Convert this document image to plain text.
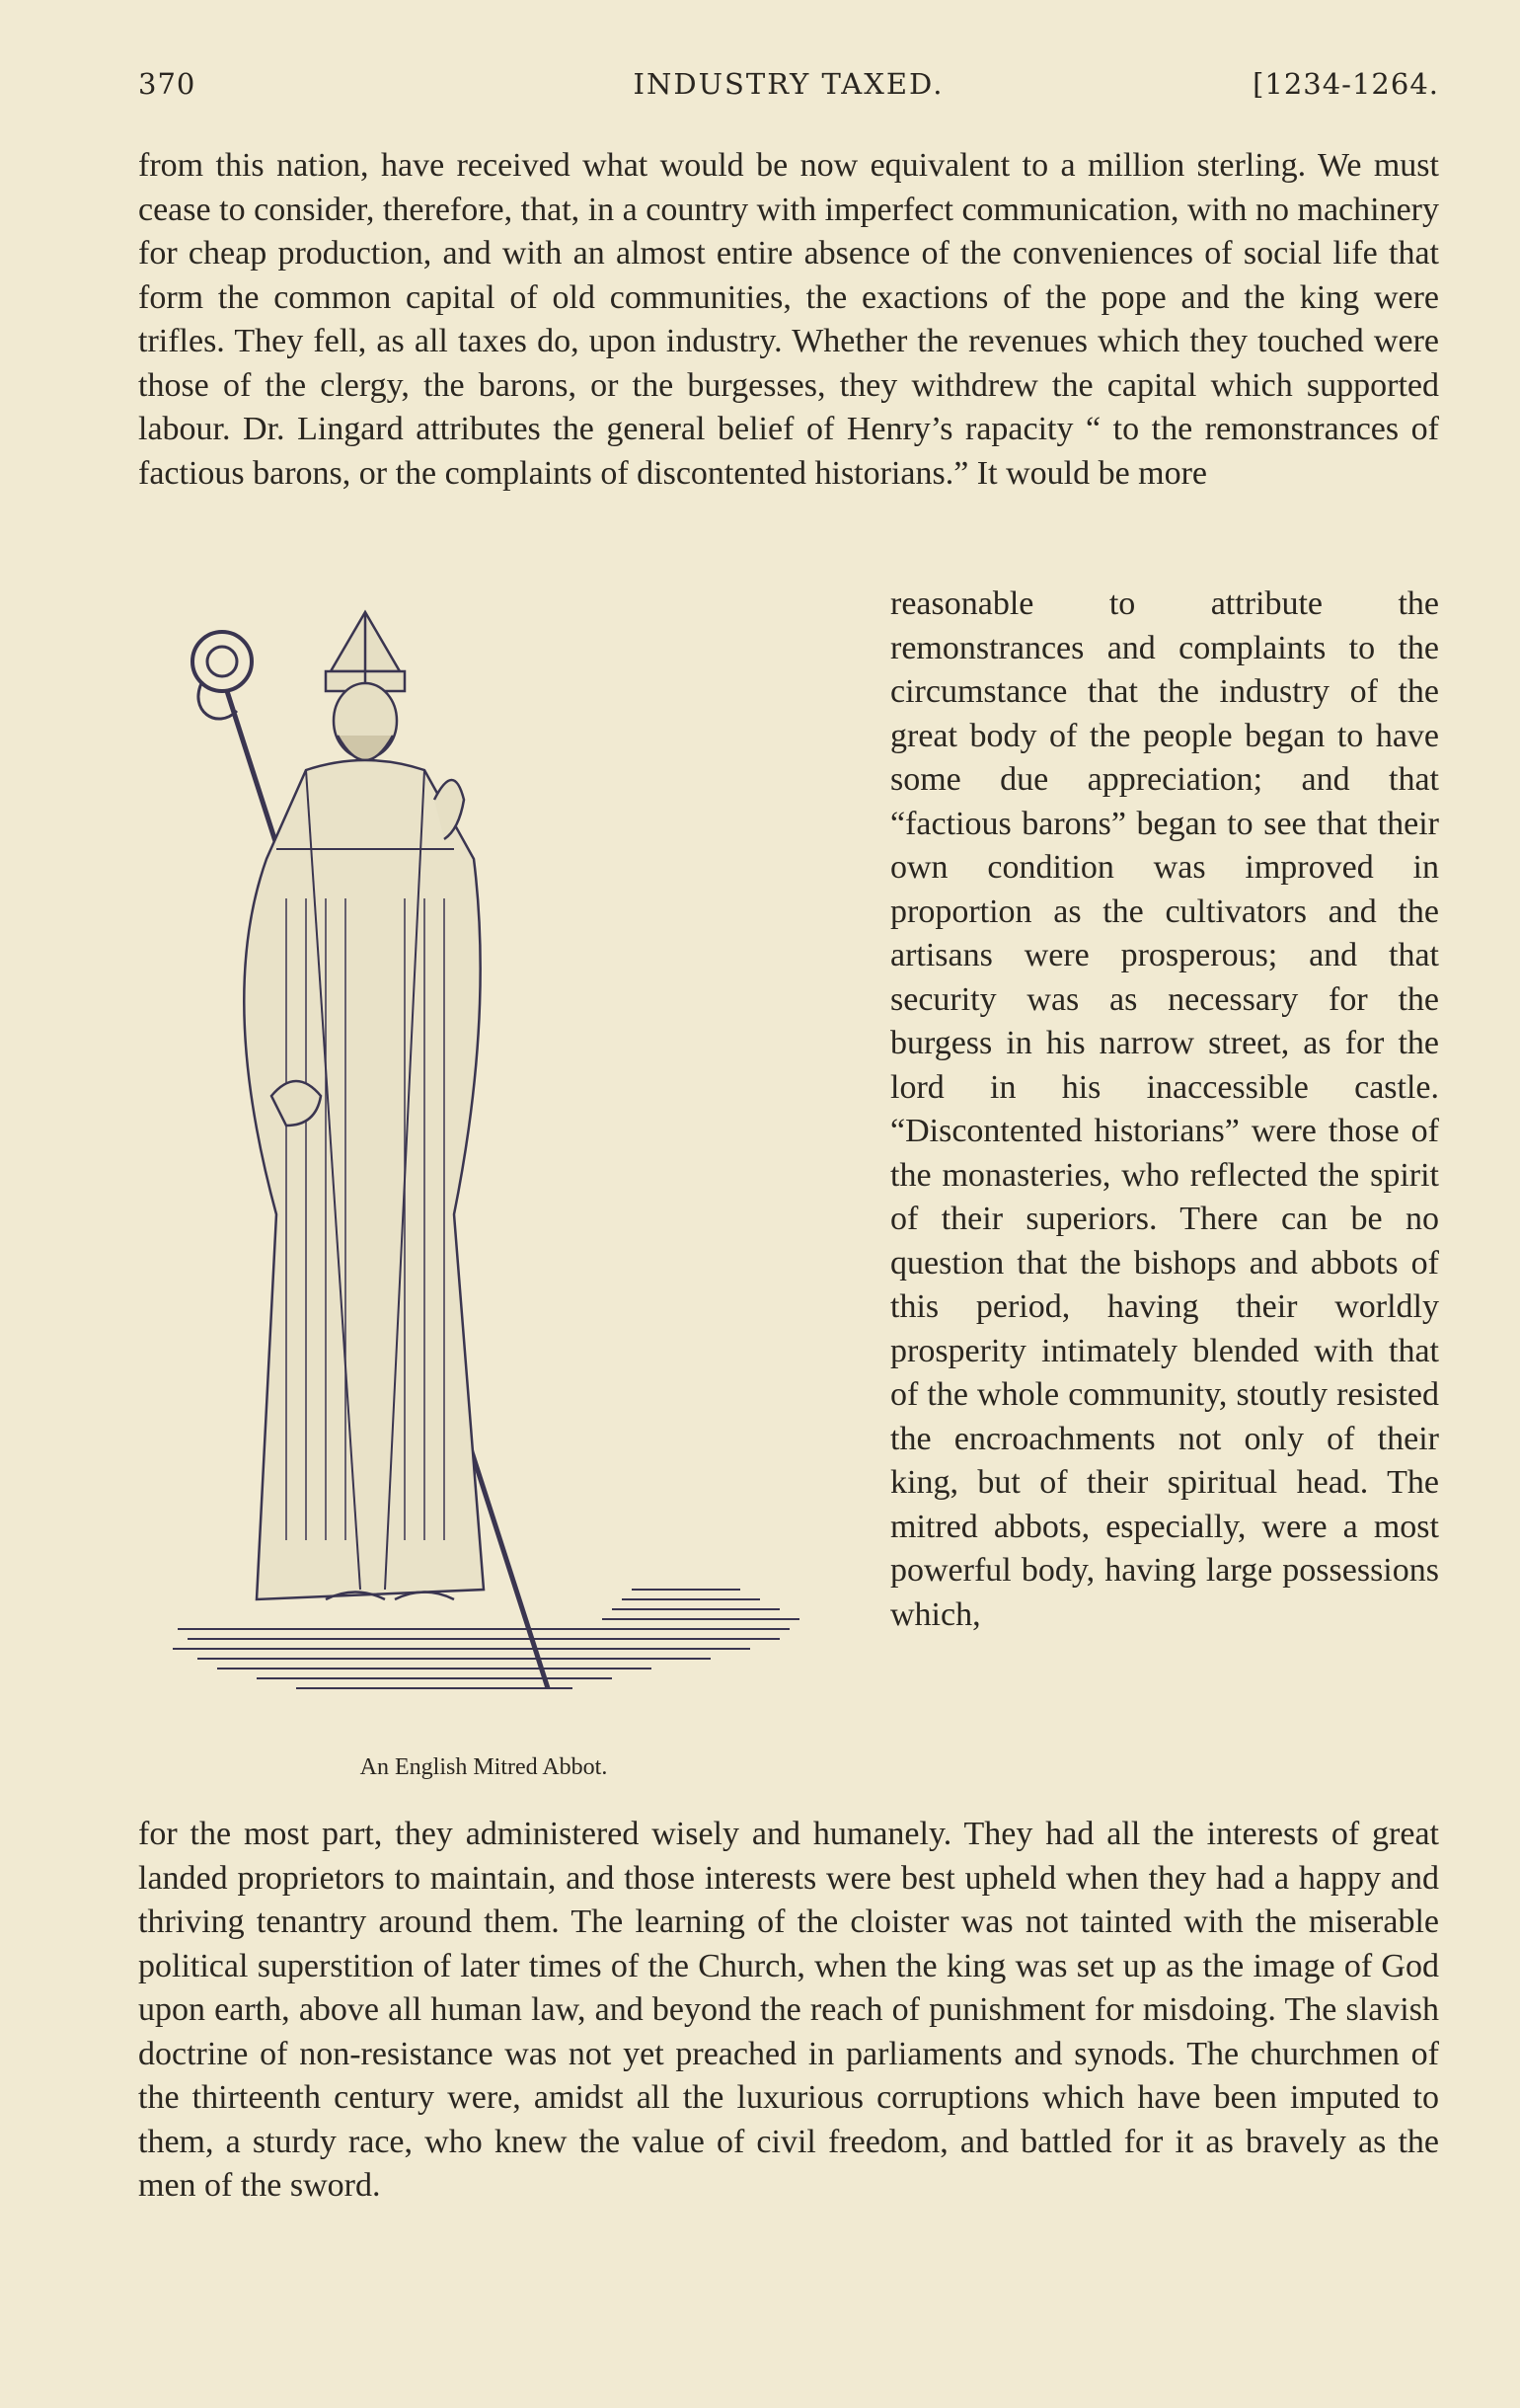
370	INDUSTRY TAXED.	[1234-1264.

from this nation, have received what would be now equivalent to a million sterling. We must cease to consider, therefore, that, in a country with imperfect communication, with no machinery for cheap production, and with an almost entire absence of the conveniences of social life that form the common capital of old communities, the exactions of the pope and the king were trifles. They fell, as all taxes do, upon industry. Whether the revenues which they touched were those of the clergy, the barons, or the burgesses, they withdrew the capital which supported labour. Dr. Lingard attributes the general belief of Henry’s rapacity “ to the remonstrances of factious barons, or the complaints of discontented historians.” It would be more

An English Mitred Abbot.

reasonable to attribute the remonstrances and complaints to the circumstance that the industry of the great body of the people began to have some due appreciation; and that “factious barons” began to see that their own condition was improved in proportion as the cultivators and the artisans were prosperous; and that security was as necessary for the burgess in his narrow street, as for the lord in his inaccessible castle. “Discontented historians” were those of the monasteries, who reflected the spirit of their superiors. There can be no question that the bishops and abbots of this period, having their worldly prosperity intimately blended with that of the whole community, stoutly resisted the encroachments not only of their king, but of their spiritual head. The mitred abbots, especially, were a most powerful body, having large possessions which,

for the most part, they administered wisely and humanely. They had all the interests of great landed proprietors to maintain, and those interests were best upheld when they had a happy and thriving tenantry around them. The learning of the cloister was not tainted with the miserable political superstition of later times of the Church, when the king was set up as the image of God upon earth, above all human law, and beyond the reach of punishment for misdoing. The slavish doctrine of non-resistance was not yet preached in parliaments and synods. The churchmen of the thirteenth century were, amidst all the luxurious corruptions which have been imputed to them, a sturdy race, who knew the value of civil freedom, and battled for it as bravely as the men of the sword.
